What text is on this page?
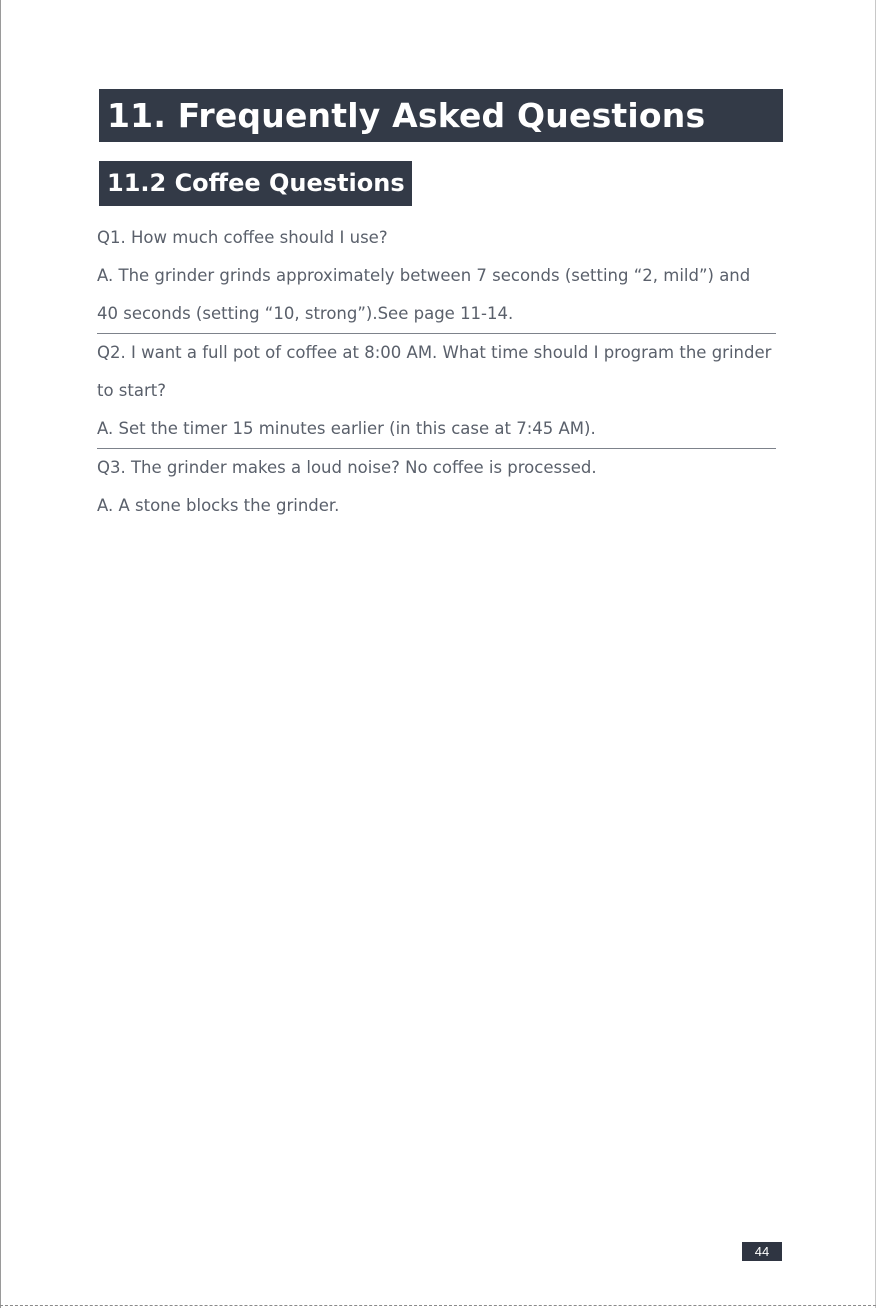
11. Frequently Asked Questions
11.2 Coffee Questions
Q1. How much coffee should I use?
A. The grinder grinds approximately between 7 seconds (setting “2, mild”) and
40 seconds (setting “10, strong”).See page 11-14.
Q2. I want a full pot of coffee at 8:00 AM. What time should I program the grinder
to start?
A. Set the timer 15 minutes earlier (in this case at 7:45 AM).
Q3. The grinder makes a loud noise? No coffee is processed.
A. A stone blocks the grinder.
44
